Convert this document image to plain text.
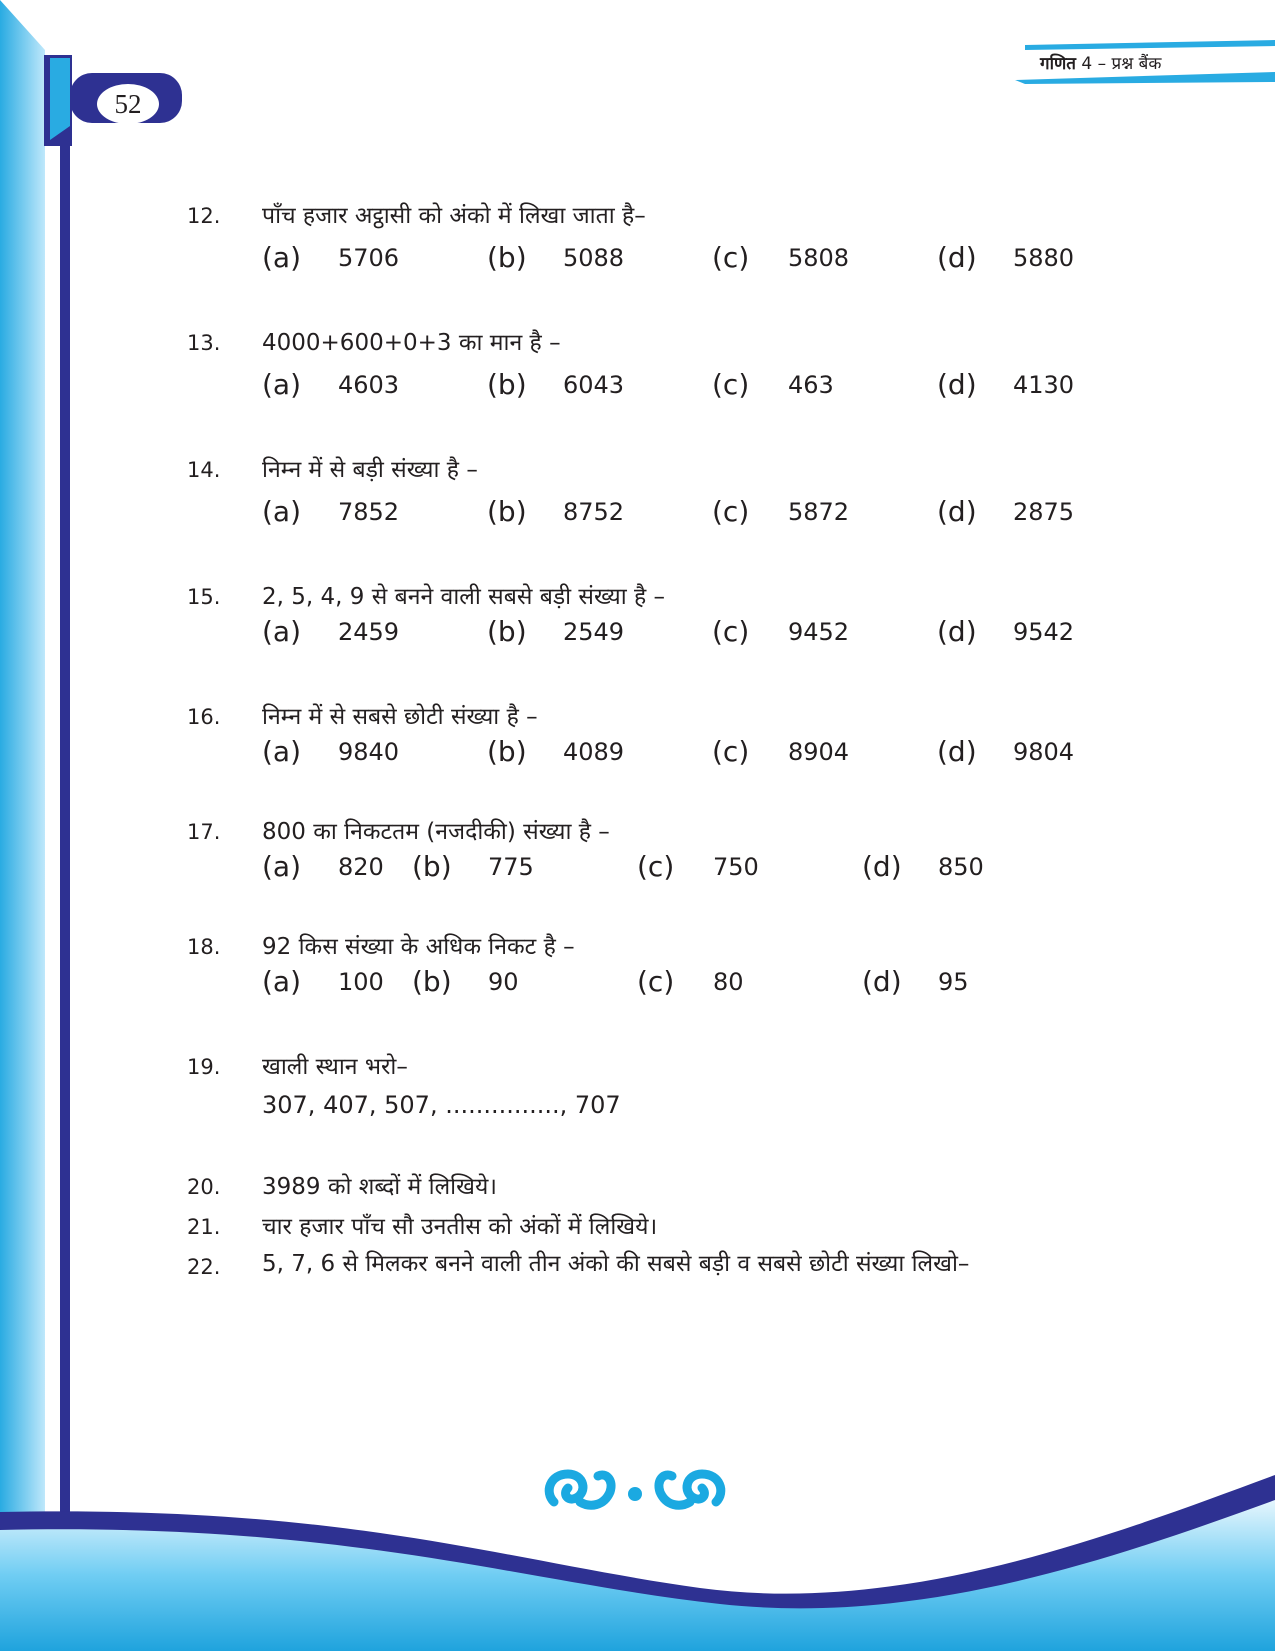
52
गणित 4 – प्रश्न बैंक
12. पाँच हजार अट्ठासी को अंको में लिखा जाता है–
(a) 5706	(b) 5088	(c) 5808	(d) 5880
13. 4000+600+0+3 का मान है –
(a) 4603	(b) 6043	(c) 463	(d) 4130
14. निम्न में से बड़ी संख्या है –
(a) 7852	(b) 8752	(c) 5872	(d) 2875
15. 2, 5, 4, 9 से बनने वाली सबसे बड़ी संख्या है –
(a) 2459	(b) 2549	(c) 9452	(d) 9542
16. निम्न में से सबसे छोटी संख्या है –
(a) 9840	(b) 4089	(c) 8904	(d) 9804
17. 800 का निकटतम (नजदीकी) संख्या है –
(a) 820 (b) 775	(c) 750	(d) 850
18. 92 किस संख्या के अधिक निकट है –
(a) 100 (b) 90	(c) 80	(d) 95
19. खाली स्थान भरो–
307, 407, 507, ..............., 707
20. 3989 को शब्दों में लिखिये।
21. चार हजार पाँच सौ उनतीस को अंकों में लिखिये।
22. 5, 7, 6 से मिलकर बनने वाली तीन अंको की सबसे बड़ी व सबसे छोटी संख्या लिखो–
